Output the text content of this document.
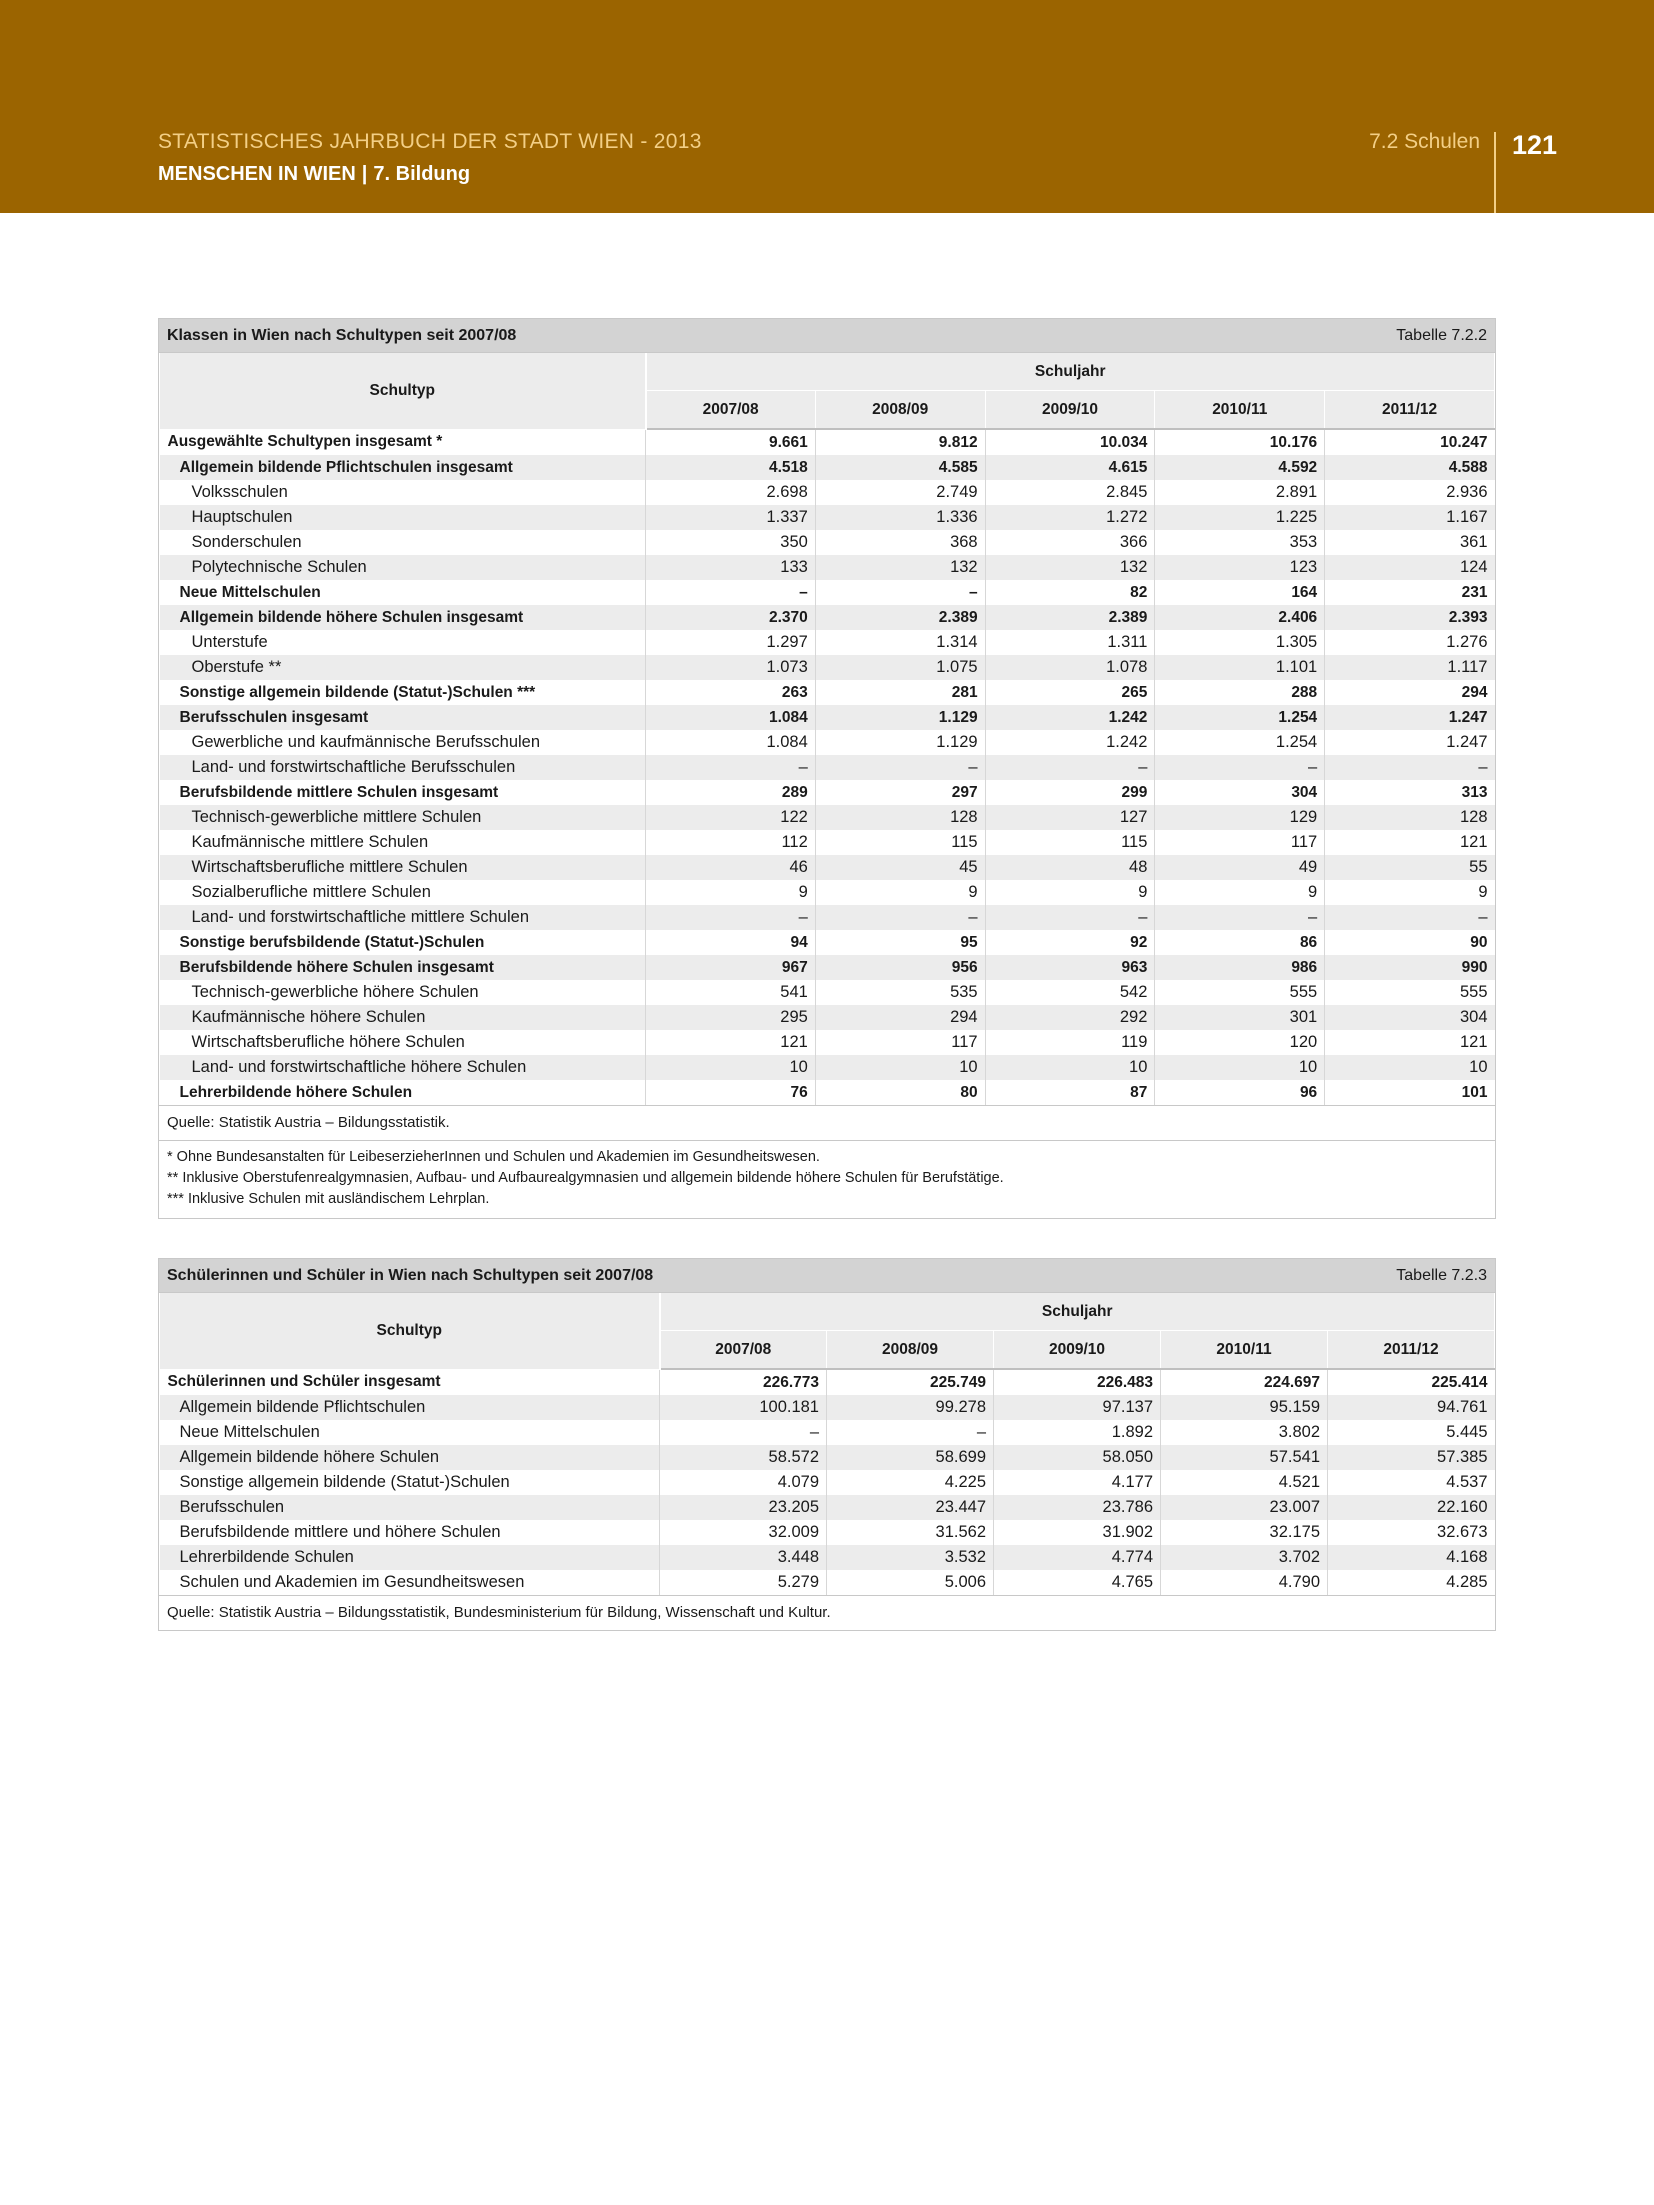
STATISTISCHES JAHRBUCH DER STADT WIEN - 2013
MENSCHEN IN WIEN | 7. Bildung
7.2 Schulen 121
Klassen in Wien nach Schultypen seit 2007/08	Tabelle 7.2.2
Schultyp	Schuljahr				
	2007/08	2008/09	2009/10	2010/11	2011/12
Ausgewählte Schultypen insgesamt *	9.661	9.812	10.034	10.176	10.247
Allgemein bildende Pflichtschulen insgesamt	4.518	4.585	4.615	4.592	4.588
Volksschulen	2.698	2.749	2.845	2.891	2.936
Hauptschulen	1.337	1.336	1.272	1.225	1.167
Sonderschulen	350	368	366	353	361
Polytechnische Schulen	133	132	132	123	124
Neue Mittelschulen	–	–	82	164	231
Allgemein bildende höhere Schulen insgesamt	2.370	2.389	2.389	2.406	2.393
Unterstufe	1.297	1.314	1.311	1.305	1.276
Oberstufe **	1.073	1.075	1.078	1.101	1.117
Sonstige allgemein bildende (Statut-)Schulen ***	263	281	265	288	294
Berufsschulen insgesamt	1.084	1.129	1.242	1.254	1.247
Gewerbliche und kaufmännische Berufsschulen	1.084	1.129	1.242	1.254	1.247
Land- und forstwirtschaftliche Berufsschulen	–	–	–	–	–
Berufsbildende mittlere Schulen insgesamt	289	297	299	304	313
Technisch-gewerbliche mittlere Schulen	122	128	127	129	128
Kaufmännische mittlere Schulen	112	115	115	117	121
Wirtschaftsberufliche mittlere Schulen	46	45	48	49	55
Sozialberufliche mittlere Schulen	9	9	9	9	9
Land- und forstwirtschaftliche mittlere Schulen	–	–	–	–	–
Sonstige berufsbildende (Statut-)Schulen	94	95	92	86	90
Berufsbildende höhere Schulen insgesamt	967	956	963	986	990
Technisch-gewerbliche höhere Schulen	541	535	542	555	555
Kaufmännische höhere Schulen	295	294	292	301	304
Wirtschaftsberufliche höhere Schulen	121	117	119	120	121
Land- und forstwirtschaftliche höhere Schulen	10	10	10	10	10
Lehrerbildende höhere Schulen	76	80	87	96	101
Quelle: Statistik Austria – Bildungsstatistik.
* Ohne Bundesanstalten für LeibeserzieherInnen und Schulen und Akademien im Gesundheitswesen.
** Inklusive Oberstufenrealgymnasien, Aufbau- und Aufbaurealgymnasien und allgemein bildende höhere Schulen für Berufstätige.
*** Inklusive Schulen mit ausländischem Lehrplan.
Schülerinnen und Schüler in Wien nach Schultypen seit 2007/08	Tabelle 7.2.3
Schultyp	Schuljahr				
	2007/08	2008/09	2009/10	2010/11	2011/12
Schülerinnen und Schüler insgesamt	226.773	225.749	226.483	224.697	225.414
Allgemein bildende Pflichtschulen	100.181	99.278	97.137	95.159	94.761
Neue Mittelschulen	–	–	1.892	3.802	5.445
Allgemein bildende höhere Schulen	58.572	58.699	58.050	57.541	57.385
Sonstige allgemein bildende (Statut-)Schulen	4.079	4.225	4.177	4.521	4.537
Berufsschulen	23.205	23.447	23.786	23.007	22.160
Berufsbildende mittlere und höhere Schulen	32.009	31.562	31.902	32.175	32.673
Lehrerbildende Schulen	3.448	3.532	4.774	3.702	4.168
Schulen und Akademien im Gesundheitswesen	5.279	5.006	4.765	4.790	4.285
Quelle: Statistik Austria – Bildungsstatistik, Bundesministerium für Bildung, Wissenschaft und Kultur.
